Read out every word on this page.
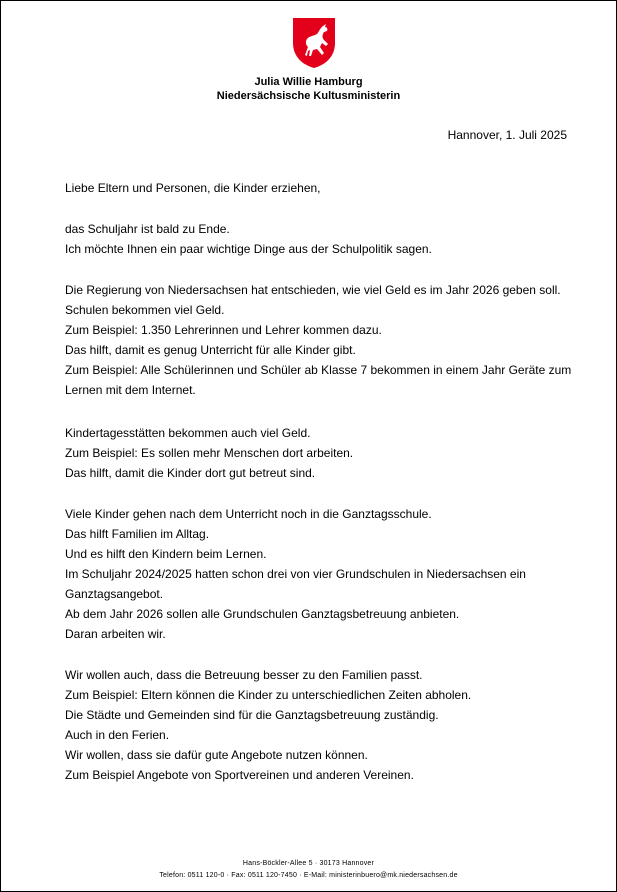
Julia Willie Hamburg
Niedersächsische Kultusministerin
Hannover, 1. Juli 2025
Liebe Eltern und Personen, die Kinder erziehen,
das Schuljahr ist bald zu Ende.
Ich möchte Ihnen ein paar wichtige Dinge aus der Schulpolitik sagen.
Die Regierung von Niedersachsen hat entschieden, wie viel Geld es im Jahr 2026 geben soll.
Schulen bekommen viel Geld.
Zum Beispiel: 1.350 Lehrerinnen und Lehrer kommen dazu.
Das hilft, damit es genug Unterricht für alle Kinder gibt.
Zum Beispiel: Alle Schülerinnen und Schüler ab Klasse 7 bekommen in einem Jahr Geräte zum
Lernen mit dem Internet.
Kindertagesstätten bekommen auch viel Geld.
Zum Beispiel: Es sollen mehr Menschen dort arbeiten.
Das hilft, damit die Kinder dort gut betreut sind.
Viele Kinder gehen nach dem Unterricht noch in die Ganztagsschule.
Das hilft Familien im Alltag.
Und es hilft den Kindern beim Lernen.
Im Schuljahr 2024/2025 hatten schon drei von vier Grundschulen in Niedersachsen ein
Ganztagsangebot.
Ab dem Jahr 2026 sollen alle Grundschulen Ganztagsbetreuung anbieten.
Daran arbeiten wir.
Wir wollen auch, dass die Betreuung besser zu den Familien passt.
Zum Beispiel: Eltern können die Kinder zu unterschiedlichen Zeiten abholen.
Die Städte und Gemeinden sind für die Ganztagsbetreuung zuständig.
Auch in den Ferien.
Wir wollen, dass sie dafür gute Angebote nutzen können.
Zum Beispiel Angebote von Sportvereinen und anderen Vereinen.
Hans-Böckler-Allee 5 · 30173 Hannover
Telefon: 0511 120-0 · Fax: 0511 120-7450 · E-Mail: ministerinbuero@mk.niedersachsen.de
